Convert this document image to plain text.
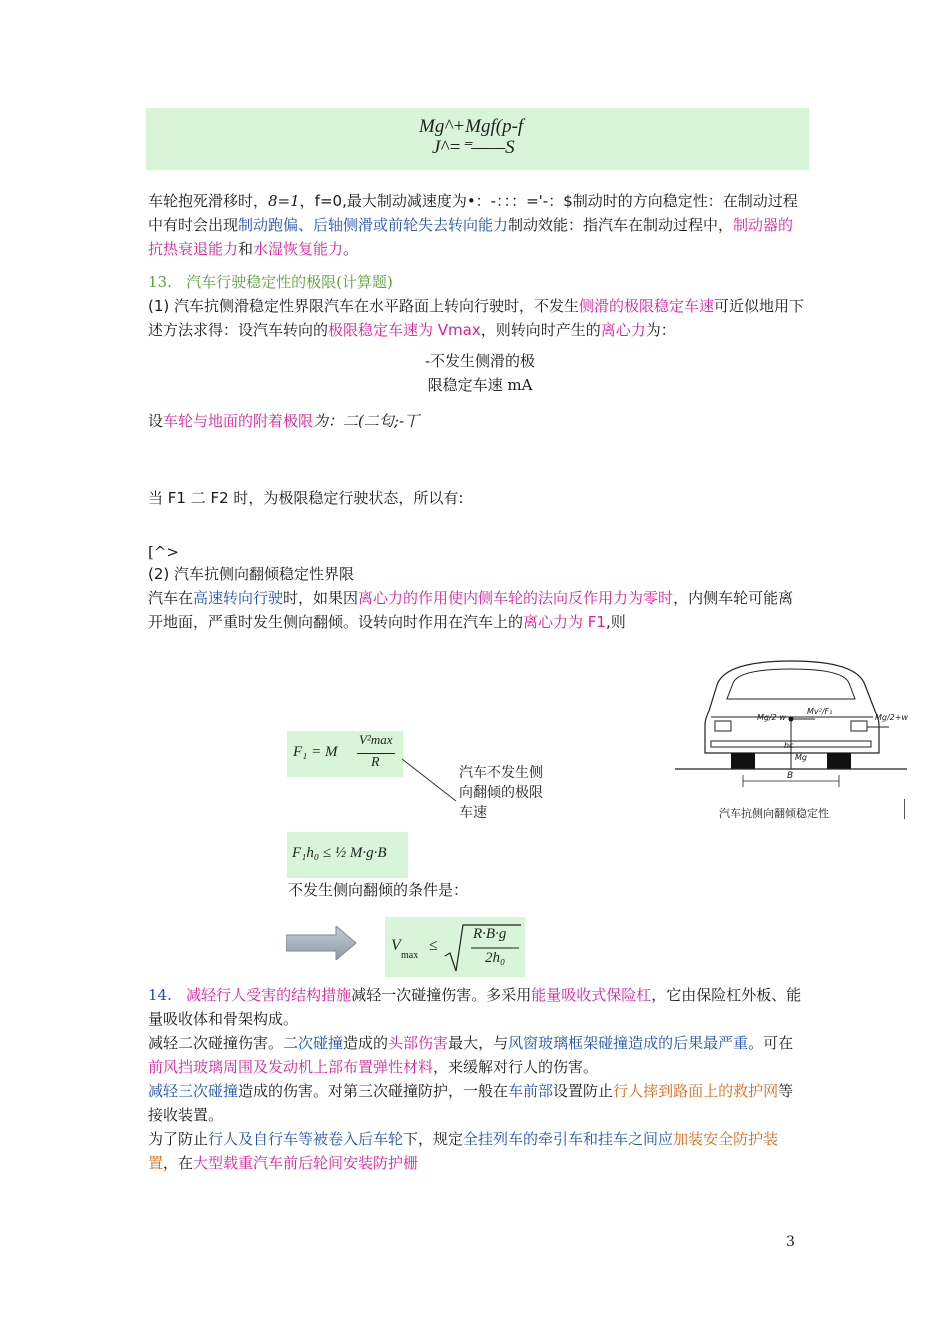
Mg^+Mgf(p-f
J^=⁼——S
车轮抱死滑移时，8=1，f=0,最大制动减速度为•：-：：：='-：$制动时的方向稳定性：在制动过程中有时会出现制动跑偏、后轴侧滑或前轮失去转向能力制动效能：指汽车在制动过程中，制动器的抗热衰退能力和水湿恢复能力。
13. 汽车行驶稳定性的极限(计算题)
(1) 汽车抗侧滑稳定性界限汽车在水平路面上转向行驶时，不发生侧滑的极限稳定车速可近似地用下述方法求得：设汽车转向的极限稳定车速为 Vmax，则转向时产生的离心力为：
-不发生侧滑的极
限稳定车速 mA
设车轮与地面的附着极限为：二(二匂;-丅
当 F1 二 F2 时，为极限稳定行驶状态，所以有:
[^>
(2) 汽车抗侧向翻倾稳定性界限
汽车在高速转向行驶时，如果因离心力的作用使内侧车轮的法向反作用力为零时，内侧车轮可能离开地面，严重时发生侧向翻倾。设转向时作用在汽车上的离心力为 F1,则
F₁ = M
V²max
R
汽车不发生侧
向翻倾的极限
车速
F₁h₀ ≤ ½ M·g·B
不发生侧向翻倾的条件是：
V
max
≤
R·B·g
2h₀
Mg/2·w
Mv²/F₁
Mg/2+w
hc
Mg
B
汽车抗侧向翻倾稳定性
14. 减轻行人受害的结构措施减轻一次碰撞伤害。多采用能量吸收式保险杠，它由保险杠外板、能量吸收体和骨架构成。
减轻二次碰撞伤害。二次碰撞造成的头部伤害最大，与风窗玻璃框架碰撞造成的后果最严重。可在前风挡玻璃周围及发动机上部布置弹性材料，来缓解对行人的伤害。
减轻三次碰撞造成的伤害。对第三次碰撞防护，一般在车前部设置防止行人摔到路面上的救护网等接收装置。
为了防止行人及自行车等被卷入后车轮下，规定全挂列车的牵引车和挂车之间应加装安全防护装置，在大型载重汽车前后轮间安装防护栅
3
